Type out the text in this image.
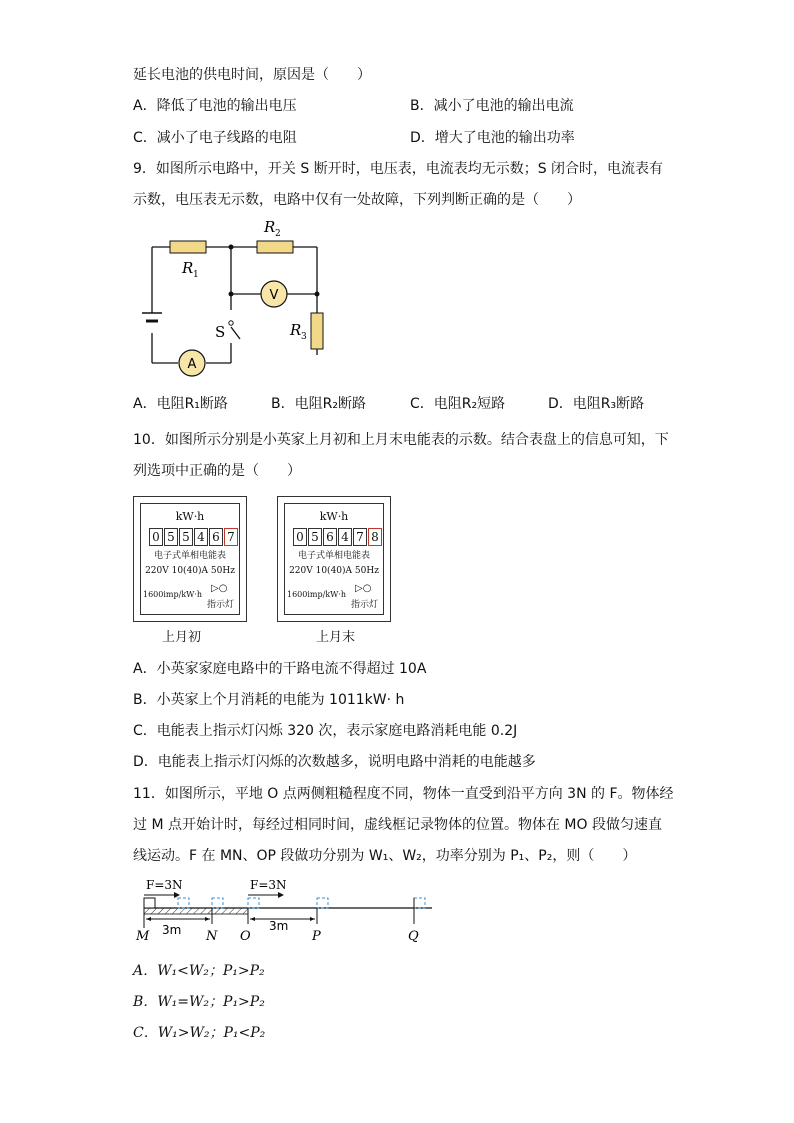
延长电池的供电时间，原因是（　　）
A．降低了电池的输出电压	B．减小了电池的输出电流
C．减小了电子线路的电阻	D．增大了电池的输出功率
9．如图所示电路中，开关 S 断开时，电压表，电流表均无示数；S 闭合时，电流表有
示数，电压表无示数，电路中仅有一处故障，下列判断正确的是（　　）
V
A
R 1
R 2
R 3
S
A．电阻R₁断路	B．电阻R₂断路	C．电阻R₂短路	D．电阻R₃断路
10．如图所示分别是小英家上月初和上月末电能表的示数。结合表盘上的信息可知，下
列选项中正确的是（　　）
kW·h
0 5 5 4 6 7
电子式单相电能表
220V 10(40)A 50Hz
1600imp/kW·h
▷○
指示灯
上月初
kW·h
0 5 6 4 7 8
电子式单相电能表
220V 10(40)A 50Hz
1600imp/kW·h
▷○
指示灯
上月末
A．小英家家庭电路中的干路电流不得超过 10A
B．小英家上个月消耗的电能为 1011kW· h
C．电能表上指示灯闪烁 320 次，表示家庭电路消耗电能 0.2J
D．电能表上指示灯闪烁的次数越多，说明电路中消耗的电能越多
11．如图所示，平地 O 点两侧粗糙程度不同，物体一直受到沿平方向 3N 的 F。物体经
过 M 点开始计时，每经过相同时间，虚线框记录物体的位置。物体在 MO 段做匀速直
线运动。F 在 MN、OP 段做功分别为 W₁、W₂，功率分别为 P₁、P₂，则（　　）
F=3N	F=3N
3m	3m
M	N O	P	Q
A．W₁<W₂；P₁>P₂
B．W₁=W₂；P₁>P₂
C．W₁>W₂；P₁<P₂
